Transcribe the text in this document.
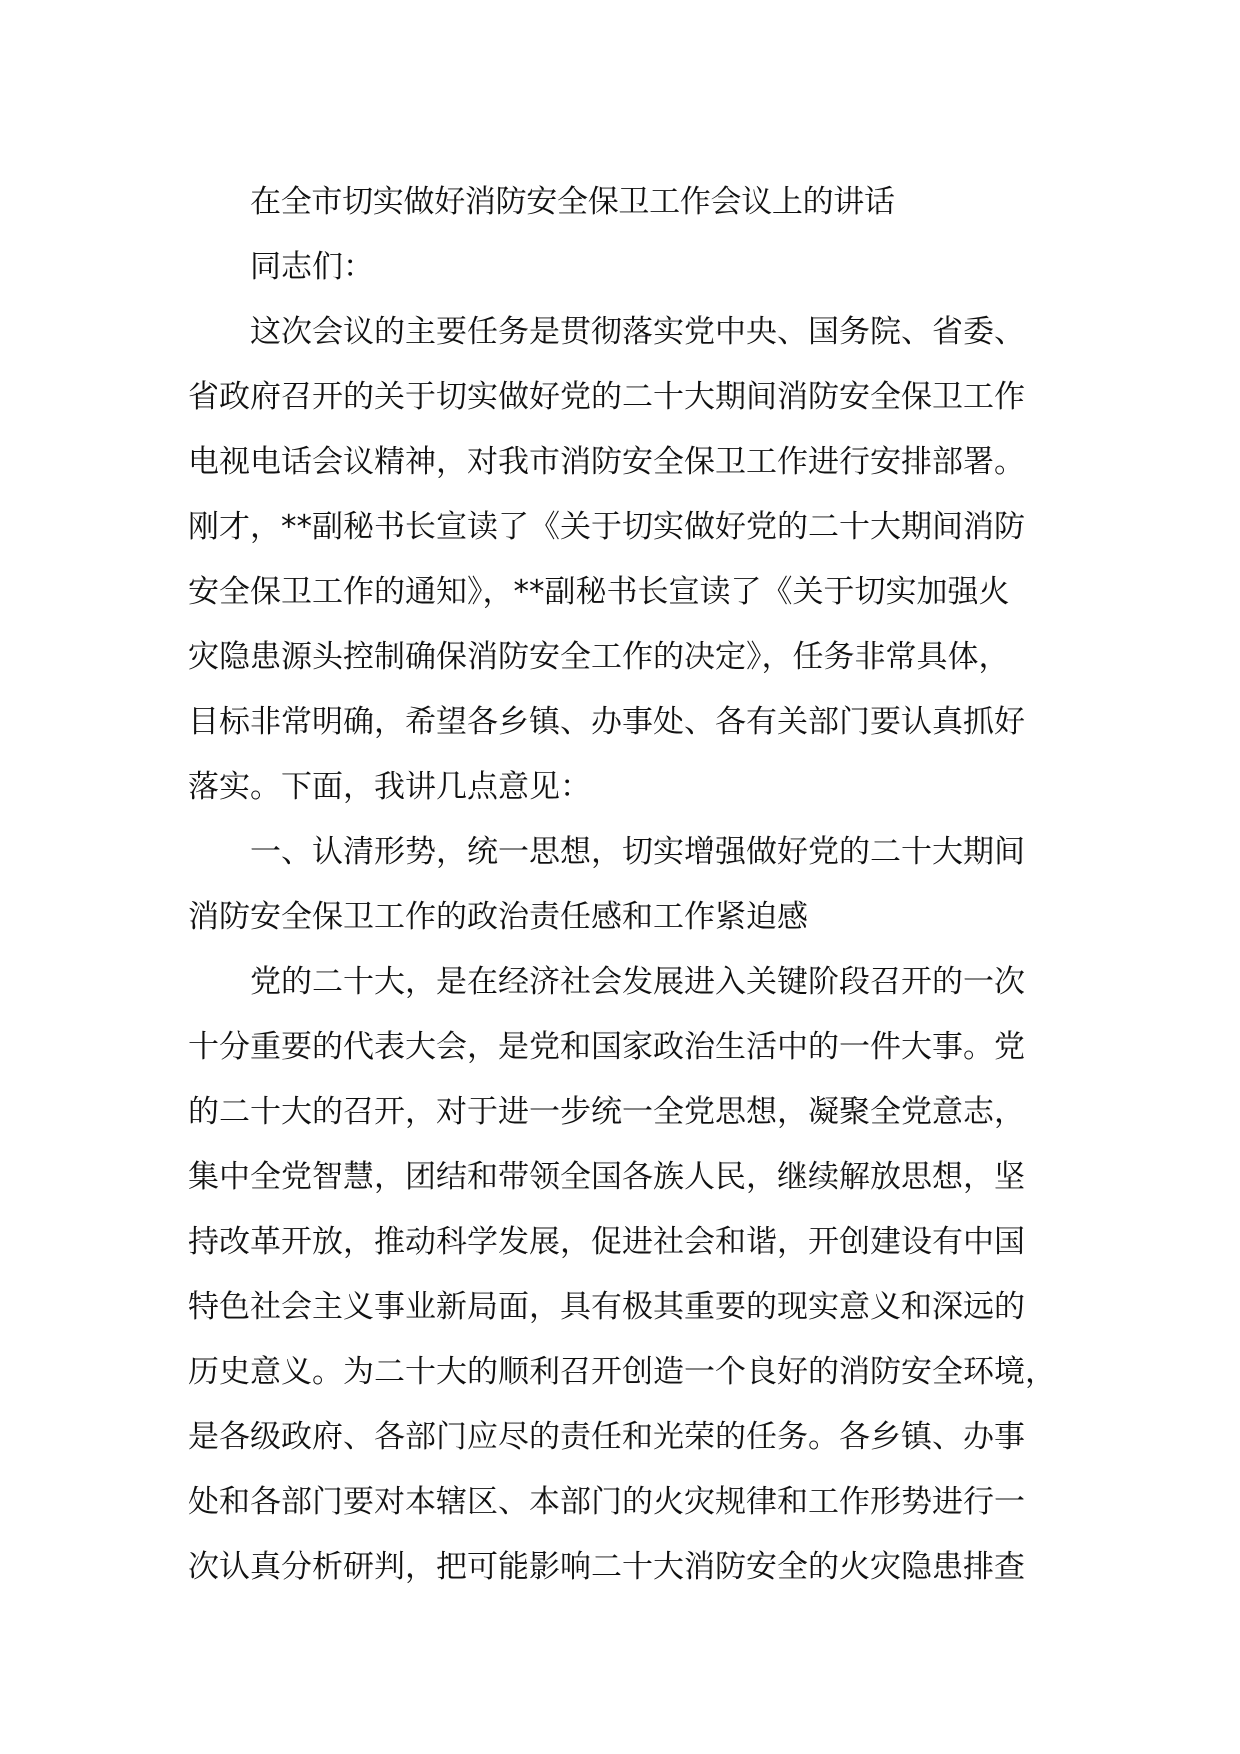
在全市切实做好消防安全保卫工作会议上的讲话
同志们：
这次会议的主要任务是贯彻落实党中央、国务院、省委、
省政府召开的关于切实做好党的二十大期间消防安全保卫工作
电视电话会议精神，对我市消防安全保卫工作进行安排部署。
刚才，**副秘书长宣读了《关于切实做好党的二十大期间消防
安全保卫工作的通知》，**副秘书长宣读了《关于切实加强火
灾隐患源头控制确保消防安全工作的决定》，任务非常具体，
目标非常明确，希望各乡镇、办事处、各有关部门要认真抓好
落实。下面，我讲几点意见：
一、认清形势，统一思想，切实增强做好党的二十大期间
消防安全保卫工作的政治责任感和工作紧迫感
党的二十大，是在经济社会发展进入关键阶段召开的一次
十分重要的代表大会，是党和国家政治生活中的一件大事。党
的二十大的召开，对于进一步统一全党思想，凝聚全党意志，
集中全党智慧，团结和带领全国各族人民，继续解放思想，坚
持改革开放，推动科学发展，促进社会和谐，开创建设有中国
特色社会主义事业新局面，具有极其重要的现实意义和深远的
历史意义。为二十大的顺利召开创造一个良好的消防安全环境，
是各级政府、各部门应尽的责任和光荣的任务。各乡镇、办事
处和各部门要对本辖区、本部门的火灾规律和工作形势进行一
次认真分析研判，把可能影响二十大消防安全的火灾隐患排查
